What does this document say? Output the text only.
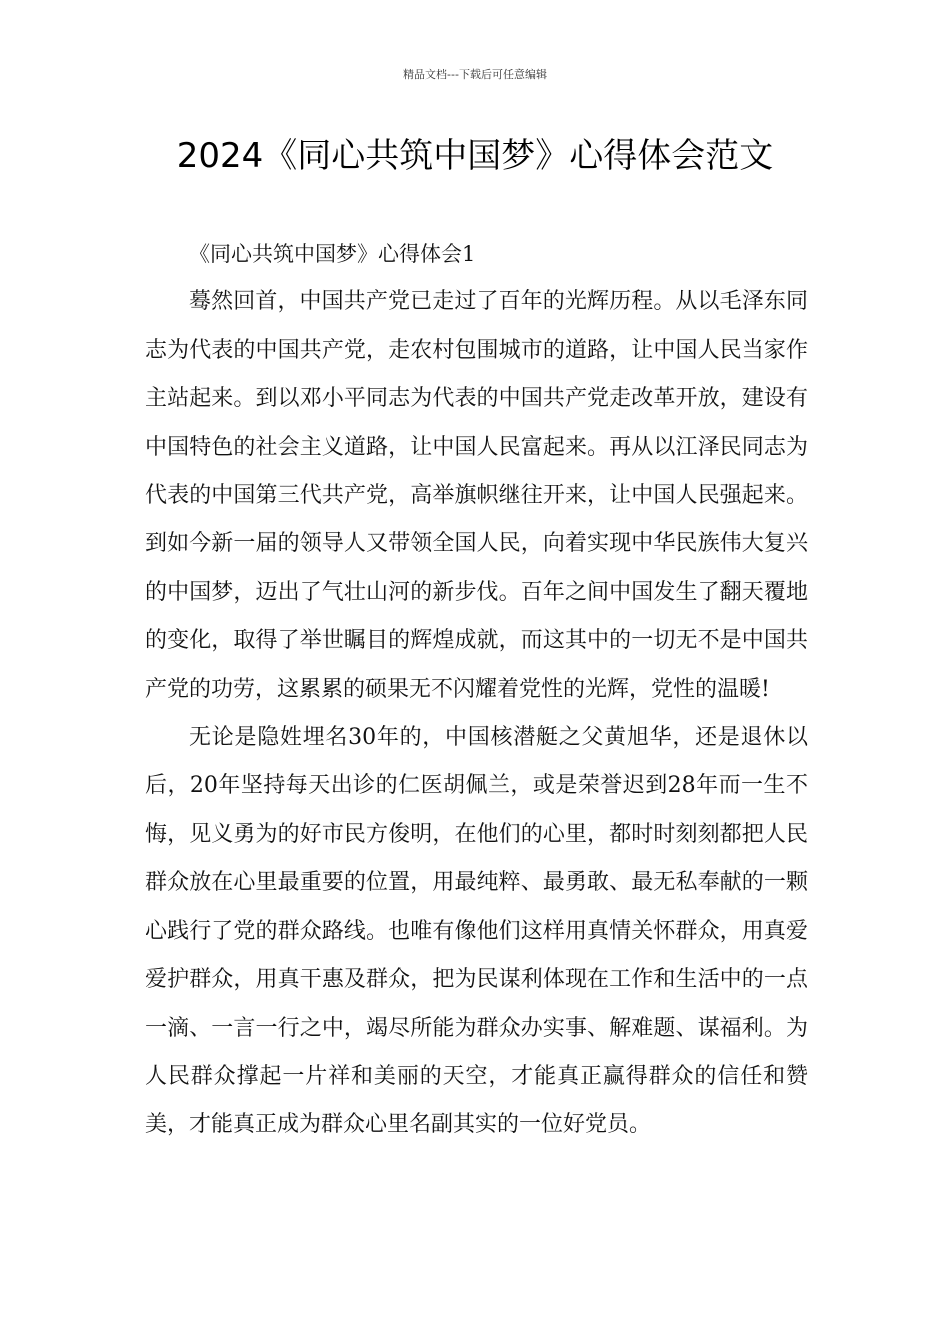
精品文档---下载后可任意编辑
2024《同心共筑中国梦》心得体会范文

《同心共筑中国梦》心得体会1

蓦然回首，中国共产党已走过了百年的光辉历程。从以毛泽东同志为代表的中国共产党，走农村包围城市的道路，让中国人民当家作主站起来。到以邓小平同志为代表的中国共产党走改革开放，建设有中国特色的社会主义道路，让中国人民富起来。再从以江泽民同志为代表的中国第三代共产党，高举旗帜继往开来，让中国人民强起来。到如今新一届的领导人又带领全国人民，向着实现中华民族伟大复兴的中国梦，迈出了气壮山河的新步伐。百年之间中国发生了翻天覆地的变化，取得了举世瞩目的辉煌成就，而这其中的一切无不是中国共产党的功劳，这累累的硕果无不闪耀着党性的光辉，党性的温暖!

无论是隐姓埋名30年的，中国核潜艇之父黄旭华，还是退休以后，20年坚持每天出诊的仁医胡佩兰，或是荣誉迟到28年而一生不悔，见义勇为的好市民方俊明，在他们的心里，都时时刻刻都把人民群众放在心里最重要的位置，用最纯粹、最勇敢、最无私奉献的一颗心践行了党的群众路线。也唯有像他们这样用真情关怀群众，用真爱爱护群众，用真干惠及群众，把为民谋利体现在工作和生活中的一点一滴、一言一行之中，竭尽所能为群众办实事、解难题、谋福利。为人民群众撑起一片祥和美丽的天空，才能真正赢得群众的信任和赞美，才能真正成为群众心里名副其实的一位好党员。
